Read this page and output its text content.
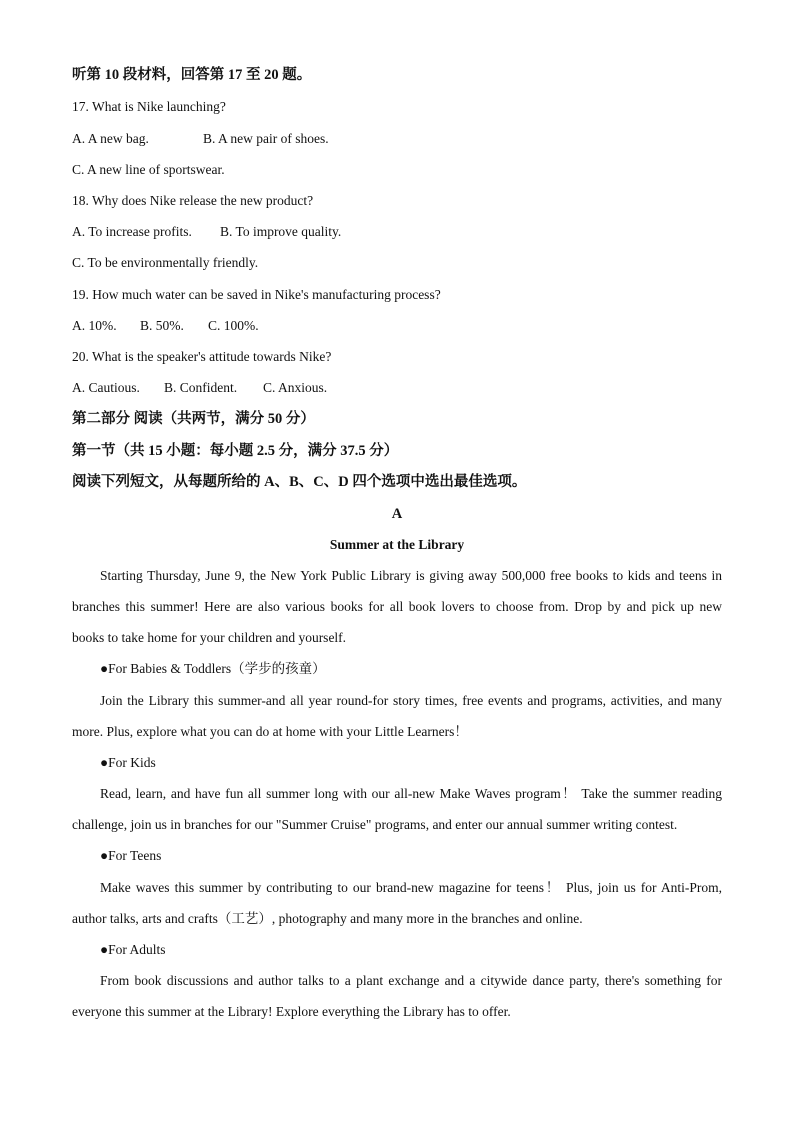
听第 10 段材料，回答第 17 至 20 题。
17. What is Nike launching?
A. A new bag.	B. A new pair of shoes.
C. A new line of sportswear.
18. Why does Nike release the new product?
A. To increase profits. B. To improve quality.
C. To be environmentally friendly.
19. How much water can be saved in Nike's manufacturing process?
A. 10%. B. 50%. C. 100%.
20. What is the speaker's attitude towards Nike?
A. Cautious. B. Confident. C. Anxious.
第二部分 阅读（共两节，满分 50 分）
第一节（共 15 小题：每小题 2.5 分，满分 37.5 分）
阅读下列短文，从每题所给的 A、B、C、D 四个选项中选出最佳选项。
A
Summer at the Library
Starting Thursday, June 9, the New York Public Library is giving away 500,000 free books to kids and teens in
branches this summer! Here are also various books for all book lovers to choose from. Drop by and pick up new
books to take home for your children and yourself.
●For Babies & Toddlers（学步的孩童）
Join the Library this summer-and all year round-for story times, free events and programs, activities, and many
more. Plus, explore what you can do at home with your Little Learners！
●For Kids
Read, learn, and have fun all summer long with our all-new Make Waves program！ Take the summer reading
challenge, join us in branches for our "Summer Cruise" programs, and enter our annual summer writing contest.
●For Teens
Make waves this summer by contributing to our brand-new magazine for teens！ Plus, join us for Anti-Prom,
author talks, arts and crafts（工艺）, photography and many more in the branches and online.
●For Adults
From book discussions and author talks to a plant exchange and a citywide dance party, there's something for
everyone this summer at the Library! Explore everything the Library has to offer.
